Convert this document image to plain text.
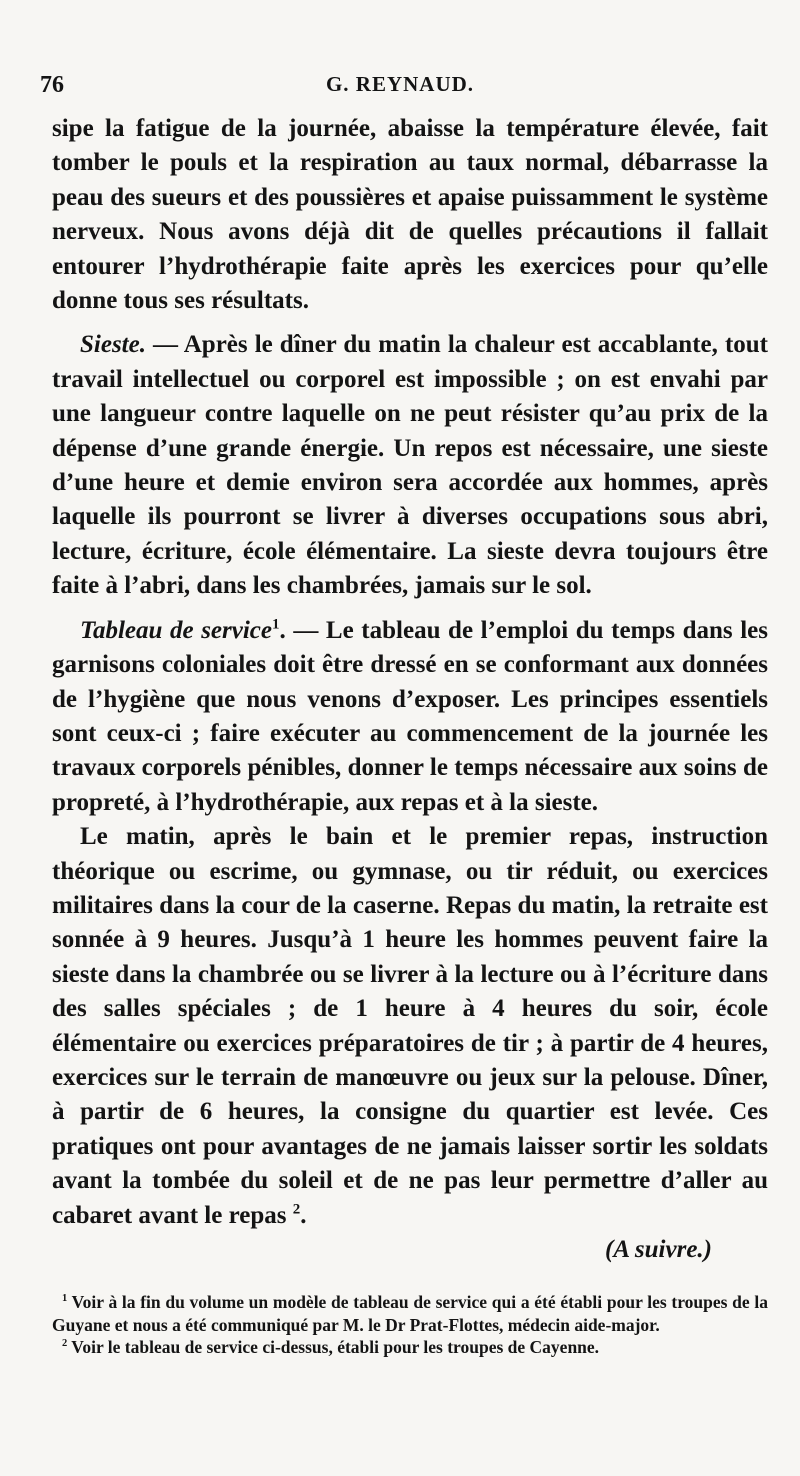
76	G. REYNAUD.

sipe la fatigue de la journée, abaisse la température élevée, fait tomber le pouls et la respiration au taux normal, débarrasse la peau des sueurs et des poussières et apaise puissamment le système nerveux. Nous avons déjà dit de quelles précautions il fallait entourer l’hydrothérapie faite après les exercices pour qu’elle donne tous ses résultats.

Sieste. — Après le dîner du matin la chaleur est accablante, tout travail intellectuel ou corporel est impossible ; on est envahi par une langueur contre laquelle on ne peut résister qu’au prix de la dépense d’une grande énergie. Un repos est nécessaire, une sieste d’une heure et demie environ sera accordée aux hommes, après laquelle ils pourront se livrer à diverses occupations sous abri, lecture, écriture, école élémentaire. La sieste devra toujours être faite à l’abri, dans les chambrées, jamais sur le sol.

Tableau de service$^1$. — Le tableau de l’emploi du temps dans les garnisons coloniales doit être dressé en se conformant aux données de l’hygiène que nous venons d’exposer. Les principes essentiels sont ceux-ci ; faire exécuter au commencement de la journée les travaux corporels pénibles, donner le temps nécessaire aux soins de propreté, à l’hydrothérapie, aux repas et à la sieste.

Le matin, après le bain et le premier repas, instruction théorique ou escrime, ou gymnase, ou tir réduit, ou exercices militaires dans la cour de la caserne. Repas du matin, la retraite est sonnée à 9 heures. Jusqu’à 1 heure les hommes peuvent faire la sieste dans la chambrée ou se livrer à la lecture ou à l’écriture dans des salles spéciales ; de 1 heure à 4 heures du soir, école élémentaire ou exercices préparatoires de tir ; à partir de 4 heures, exercices sur le terrain de manœuvre ou jeux sur la pelouse. Dîner, à partir de 6 heures, la consigne du quartier est levée. Ces pratiques ont pour avantages de ne jamais laisser sortir les soldats avant la tombée du soleil et de ne pas leur permettre d’aller au cabaret avant le repas $^2$.

(A suivre.)

$^1$ Voir à la fin du volume un modèle de tableau de service qui a été établi pour les troupes de la Guyane et nous a été communiqué par M. le Dr Prat-Flottes, médecin aide-major.

$^2$ Voir le tableau de service ci-dessus, établi pour les troupes de Cayenne.
